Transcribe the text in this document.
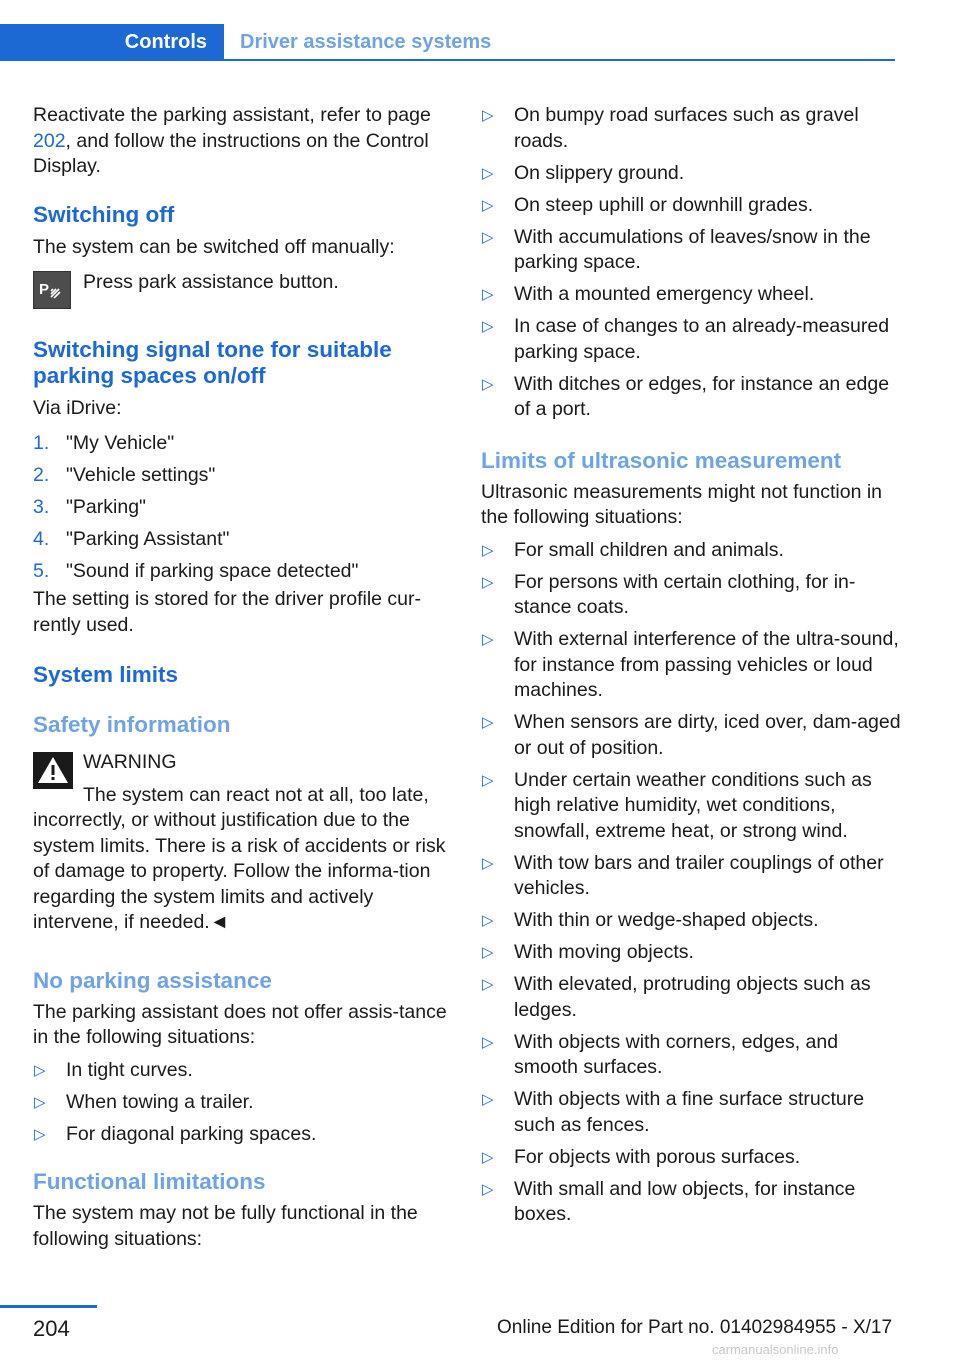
Controls	Driver assistance systems

Reactivate the parking assistant, refer to page 202, and follow the instructions on the Control Display.

Switching off

The system can be switched off manually:

P Press park assistance button.

Switching signal tone for suitable parking spaces on/off

Via iDrive:

1. "My Vehicle"
2. "Vehicle settings"
3. "Parking"
4. "Parking Assistant"
5. "Sound if parking space detected"

The setting is stored for the driver profile cur‐rently used.

System limits
Safety information

WARNING

The system can react not at all, too late,

incorrectly, or without justification due to the system limits. There is a risk of accidents or risk of damage to property. Follow the informa‐tion regarding the system limits and actively intervene, if needed.◄

No parking assistance

The parking assistant does not offer assis‐tance in the following situations:

▷ In tight curves.
▷ When towing a trailer.
▷ For diagonal parking spaces.
Functional limitations

The system may not be fully functional in the following situations:

▷ On bumpy road surfaces such as gravel roads.
▷ On slippery ground.
▷ On steep uphill or downhill grades.
▷ With accumulations of leaves/snow in the parking space.
▷ With a mounted emergency wheel.
▷ In case of changes to an already-measured parking space.
▷ With ditches or edges, for instance an edge of a port.
Limits of ultrasonic measurement

Ultrasonic measurements might not function in the following situations:

▷ For small children and animals.
▷ For persons with certain clothing, for in‐stance coats.
▷ With external interference of the ultra‐sound, for instance from passing vehicles or loud machines.
▷ When sensors are dirty, iced over, dam‐aged or out of position.
▷ Under certain weather conditions such as high relative humidity, wet conditions, snowfall, extreme heat, or strong wind.
▷ With tow bars and trailer couplings of other vehicles.
▷ With thin or wedge-shaped objects.
▷ With moving objects.
▷ With elevated, protruding objects such as ledges.
▷ With objects with corners, edges, and smooth surfaces.
▷ With objects with a fine surface structure such as fences.
▷ For objects with porous surfaces.
▷ With small and low objects, for instance boxes.
204	Online Edition for Part no. 01402984955 - X/17
carmanualsonline.info
